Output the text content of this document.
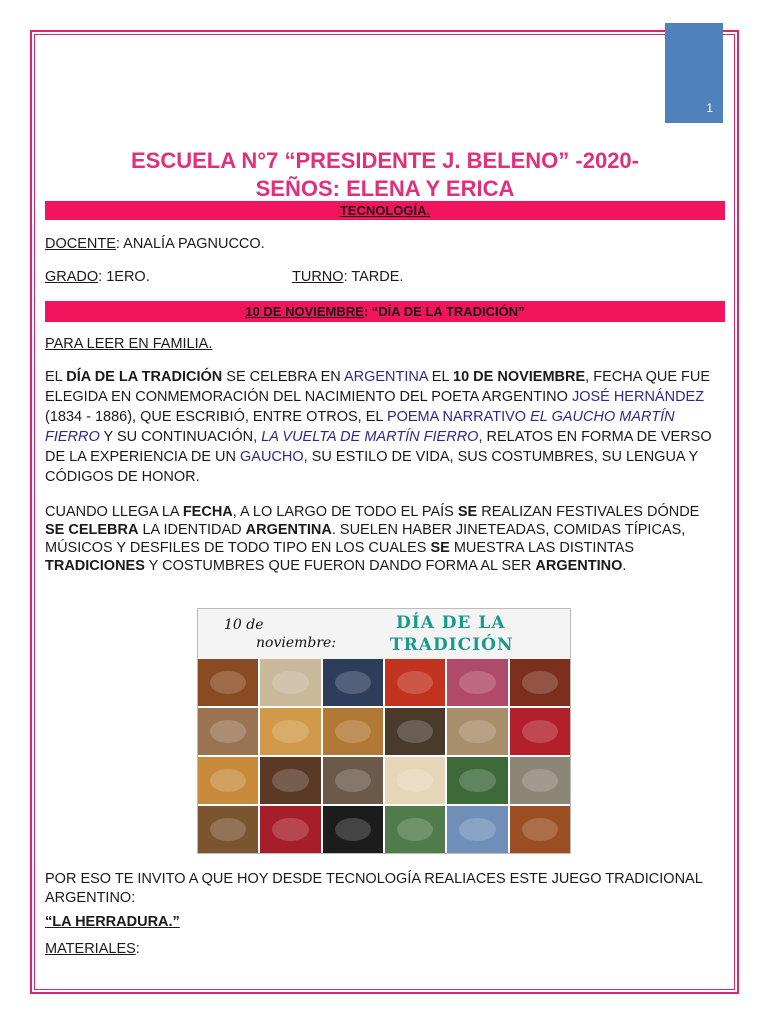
1
ESCUELA N°7 “PRESIDENTE J. BELENO” -2020-
SEÑOS: ELENA Y ERICA
TECNOLOGÍA.
DOCENTE: ANALÍA PAGNUCCO.
GRADO: 1ERO.	TURNO: TARDE.
10 DE NOVIEMBRE: “DÍA DE LA TRADICIÓN”
PARA LEER EN FAMILIA.
EL DÍA DE LA TRADICIÓN SE CELEBRA EN ARGENTINA EL 10 DE NOVIEMBRE, FECHA QUE FUE ELEGIDA EN CONMEMORACIÓN DEL NACIMIENTO DEL POETA ARGENTINO JOSÉ HERNÁNDEZ (1834 - 1886), QUE ESCRIBIÓ, ENTRE OTROS, EL POEMA NARRATIVO EL GAUCHO MARTÍN FIERRO Y SU CONTINUACIÓN, LA VUELTA DE MARTÍN FIERRO, RELATOS EN FORMA DE VERSO DE LA EXPERIENCIA DE UN GAUCHO, SU ESTILO DE VIDA, SUS COSTUMBRES, SU LENGUA Y CÓDIGOS DE HONOR.
CUANDO LLEGA LA FECHA, A LO LARGO DE TODO EL PAÍS SE REALIZAN FESTIVALES DÓNDE SE CELEBRA LA IDENTIDAD ARGENTINA. SUELEN HABER JINETEADAS, COMIDAS TÍPICAS, MÚSICOS Y DESFILES DE TODO TIPO EN LOS CUALES SE MUESTRA LAS DISTINTAS TRADICIONES Y COSTUMBRES QUE FUERON DANDO FORMA AL SER ARGENTINO.
10 de
noviembre:
DÍA DE LA
TRADICIÓN
POR ESO TE INVITO A QUE HOY DESDE TECNOLOGÍA REALIACES ESTE JUEGO TRADICIONAL ARGENTINO:
“LA HERRADURA.”
MATERIALES:
